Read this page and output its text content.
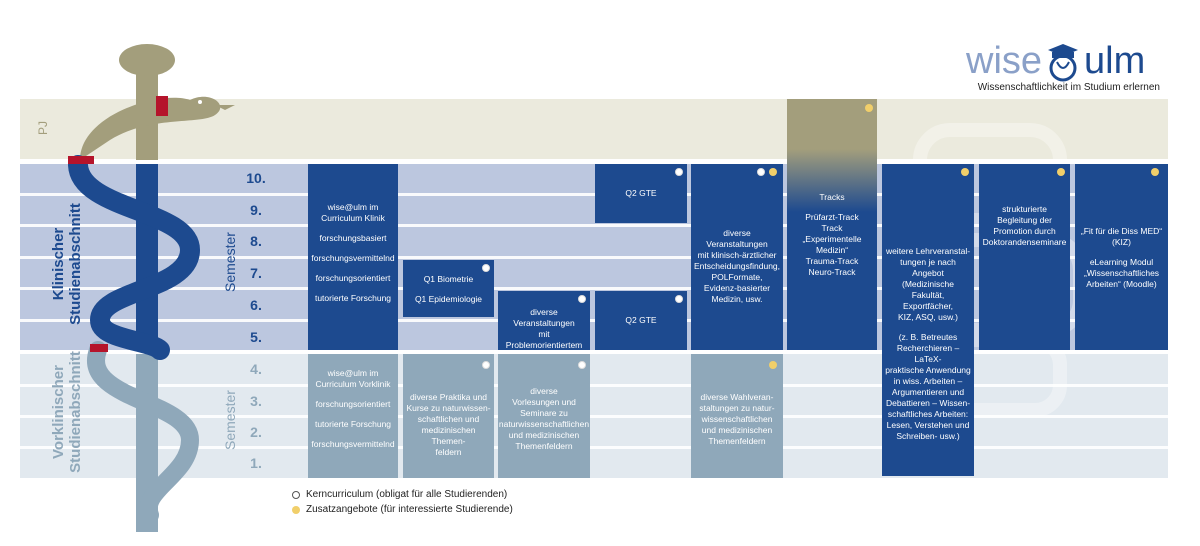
PJ
Klinischer
Studienabschnitt
Vorklinischer
Studienabschnitt
Semester
Semester
10.
9.
8.
7.
6.
5.
4.
3.
2.
1.
wise ulm
Wissenschaftlichkeit im Studium erlernen
wise@ulm im
Curriculum Klinik
forschungsbasiert
forschungsvermittelnd
forschungsorientiert
tutorierte Forschung
Q1 Biometrie
Q1 Epidemiologie
diverse Veranstaltungen
mit Problemorientiertem
Q2 GTE
Q2 GTE
diverse Veranstaltungen
mit klinisch-ärztlicher
Entscheidungsfindung,
POLFormate,
Evidenz-basierter
Medizin, usw.
Tracks
Prüfarzt-Track
Track „Experimentelle
Medizin“
Trauma-Track
Neuro-Track
weitere Lehrveranstal-
tungen je nach Angebot
(Medizinische Fakultät,
Exportfächer,
KIZ, ASQ, usw.)
(z. B. Betreutes
Recherchieren – LaTeX-
praktische Anwendung
in wiss. Arbeiten –
Argumentieren und
Debattieren – Wissen-
schaftliches Arbeiten:
Lesen, Verstehen und
Schreiben- usw.)
strukturierte
Begleitung der
Promotion durch
Doktorandenseminare
„Fit für die Diss MED“
(KIZ)
eLearning Modul
„Wissenschaftliches
Arbeiten“ (Moodle)
wise@ulm im
Curriculum Vorklinik
forschungsorientiert
tutorierte Forschung
forschungsvermittelnd
diverse Praktika und
Kurse zu naturwissen-
schaftlichen und
medizinischen Themen-
feldern
diverse
Vorlesungen und
Seminare zu
naturwissenschaftlichen
und medizinischen
Themenfeldern
diverse Wahlveran-
staltungen zu natur-
wissenschaftlichen
und medizinischen
Themenfeldern
Kerncurriculum (obligat für alle Studierenden)
Zusatzangebote (für interessierte Studierende)
